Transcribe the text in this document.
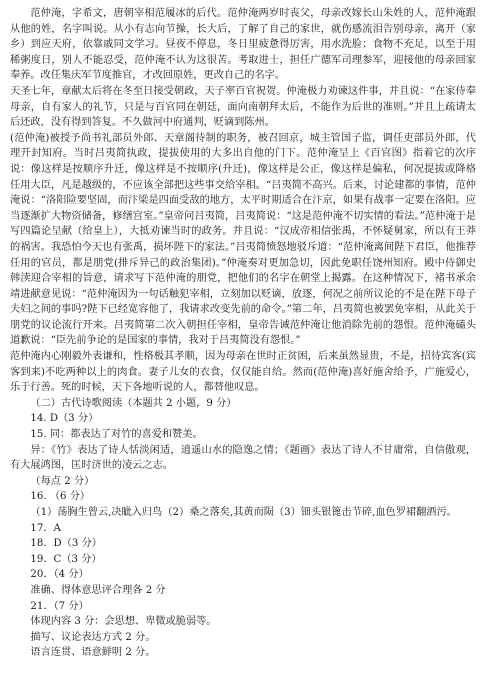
范仲淹，字希文，唐朝宰相范履冰的后代。范仲淹两岁时丧父，母亲改嫁长山朱姓的人，范仲淹跟从他的姓，名字叫说。从小有志向节操，长大后，了解了自己的家世，就伤感流泪告别母亲，离开（家乡）到应天府，依靠戚同文学习。昼夜不停息，冬日里疲惫得厉害，用水洗脸；食物不充足，以至于用稀粥度日，别人不能忍受，范仲淹不认为这很苦。考取进士，担任广德军司理参军，迎接他的母亲回家奉养。改任集庆军节度推官，才改回原姓，更改自己的名字。

天圣七年，章献太后将在冬至日接受朝政，天子率百官祝贺。仲淹极力劝谏这件事，并且说：“在家侍奉母亲，自有家人的礼节，只是与百官同在朝廷，面向南朝拜太后，不能作为后世的准则。”并且上疏请太后还政，没有得到答复。不久做河中府通判，贬谪到陈州。

(范仲淹)被授予尚书礼部员外郎、天章阁待制的职务，被召回京，城主管国子监，调任吏部员外郎，代理开封知府。当时吕夷简执政，提拔使用的大多出自他的门下。范仲淹呈上《百官图》指着它的次序说：像这样是按顺序升迁，像这样是不按顺序(升迁)，像这样是公正，像这样是偏私，何况提拔或降格任用大臣，凡是越级的，不应该全部把这些事交给宰相。“吕夷简不高兴。后来，讨论建都的事情，范仲淹说：“洛阳险要坚固，而汴梁是四面受敌的地方，太平时期适合在汴京，如果有战事一定要在洛阳。应当逐渐扩大物资储备，修缮宫室。”皇帝问吕夷简，吕夷简说：“这是范仲淹不切实情的看法。”范仲淹于是写四篇论呈献（给皇上），大抵劝谏当时的政务。并且说：“汉成帝相信张禹，不怀疑舅家，所以有王莽的祸害。我恐怕今天也有张禹，损坏陛下的家法。”吕夷简愤怒地驳斥道：“范仲淹离间陛下君臣，他推荐任用的官员，都是朋党(排斥异己的政治集团)。”仲淹奏对更加急切，因此免职任饶州知府。殿中侍御史韩渎迎合宰相的旨意，请求写下范仲淹的朋党，把他们的名字在朝堂上揭露。在这种情况下，褚书承余靖进献意见说：“范仲淹因为一句话触犯宰相，立刻加以贬谪，放逐，何况之前所议论的不是在陛下母子夫妇之间的事吗?陛下已经宽容他了，我请求改变先前的命令。”第二年，吕夷简也被罢免宰相，从此关于朋党的议论流行开来。吕夷简第二次入朝担任宰相，皇帝告诫范仲淹让他消除先前的怨恨。范仲淹磕头道歉说：“臣先前争论的是国家的事情，我对于吕夷简没有怨恨。”

范仲淹内心刚毅外表谦和，性格极其孝顺，因为母亲在世时正贫困，后来虽然显贵，不是，招待宾客(宾客到来)不吃两种以上的肉食。妻子儿女的衣食，仅仅能自给。然而(范仲淹)喜好施舍给予，广施爱心，乐于行善。死的时候，天下各地听说的人，都替他叹息。

（二）古代诗歌阅读（本题共 2 小题，9 分）

14. D（3 分）

15. 同：都表达了对竹的喜爱和赞美。

异：《竹》表达了诗人恬淡闲适，逍遥山水的隐逸之情；《题画》表达了诗人不甘庸常，自信傲观，有大展鸿图，匡时济世的凌云之志。

（每点 2 分）

16. （6 分）

（1）荡胸生曾云,决眦入归鸟（2）桑之落矣,其黄而陨（3）钿头银篦击节碎,血色罗裙翻酒污。

17．A

18．D（3 分）

19．C（3 分）

20．（4 分）

准确、得体意思评合理各 2 分

21．（7 分）

体现内容 3 分：会思想、卑微或脆弱等。

描写、议论表达方式 2 分。

语言连贯、语意鲜明 2 分。
